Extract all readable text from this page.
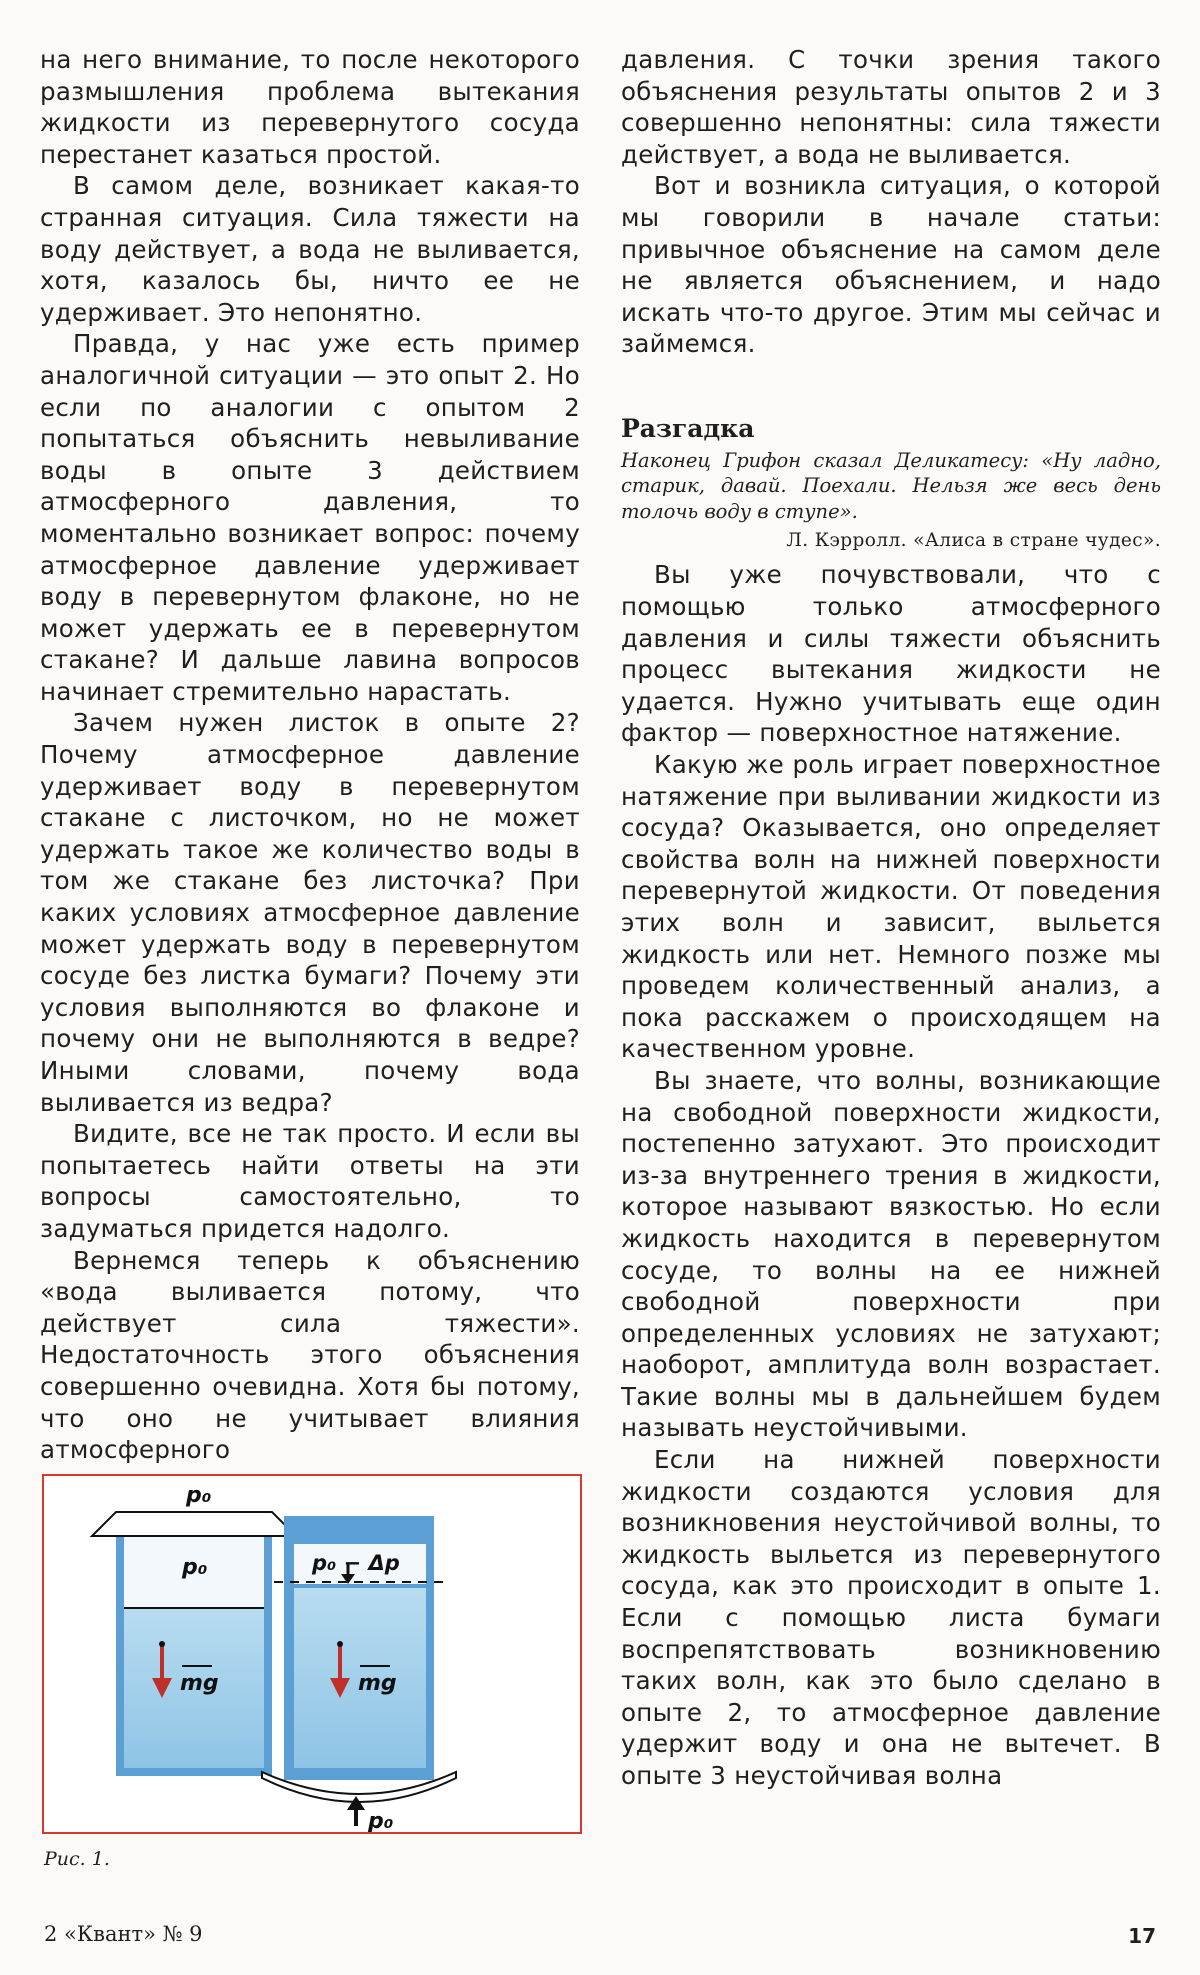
на него внимание, то после некоторого размышления проблема вытекания жидкости из перевернутого сосуда перестанет казаться простой.

В самом деле, возникает какая-то странная ситуация. Сила тяжести на воду действует, а вода не выливается, хотя, казалось бы, ничто ее не удерживает. Это непонятно.

Правда, у нас уже есть пример аналогичной ситуации — это опыт 2. Но если по аналогии с опытом 2 попытаться объяснить невыливание воды в опыте 3 действием атмосферного давления, то моментально возникает вопрос: почему атмосферное давление удерживает воду в перевернутом флаконе, но не может удержать ее в перевернутом стакане? И дальше лавина вопросов начинает стремительно нарастать.

Зачем нужен листок в опыте 2? Почему атмосферное давление удерживает воду в перевернутом стакане с листочком, но не может удержать такое же количество воды в том же стакане без листочка? При каких условиях атмосферное давление может удержать воду в перевернутом сосуде без листка бумаги? Почему эти условия выполняются во флаконе и почему они не выполняются в ведре? Иными словами, почему вода выливается из ведра?

Видите, все не так просто. И если вы попытаетесь найти ответы на эти вопросы самостоятельно, то задуматься придется надолго.

Вернемся теперь к объяснению «вода выливается потому, что действует сила тяжести». Недостаточность этого объяснения совершенно очевидна. Хотя бы потому, что оно не учитывает влияния атмосферного

давления. С точки зрения такого объяснения результаты опытов 2 и 3 совершенно непонятны: сила тяжести действует, а вода не выливается.

Вот и возникла ситуация, о которой мы говорили в начале статьи: привычное объяснение на самом деле не является объяснением, и надо искать что-то другое. Этим мы сейчас и займемся.

Разгадка
Наконец Грифон сказал Деликатесу: «Ну ладно, старик, давай. Поехали. Нельзя же весь день толочь воду в ступе».
Л. Кэрролл. «Алиса в стране чудес».

Вы уже почувствовали, что с помощью только атмосферного давления и силы тяжести объяснить процесс вытекания жидкости не удается. Нужно учитывать еще один фактор — поверхностное натяжение.

Какую же роль играет поверхностное натяжение при выливании жидкости из сосуда? Оказывается, оно определяет свойства волн на нижней поверхности перевернутой жидкости. От поведения этих волн и зависит, выльется жидкость или нет. Немного позже мы проведем количественный анализ, а пока расскажем о происходящем на качественном уровне.

Вы знаете, что волны, возникающие на свободной поверхности жидкости, постепенно затухают. Это происходит из-за внутреннего трения в жидкости, которое называют вязкостью. Но если жидкость находится в перевернутом сосуде, то волны на ее нижней свободной поверхности при определенных условиях не затухают; наоборот, амплитуда волн возрастает. Такие волны мы в дальнейшем будем называть неустойчивыми.

Если на нижней поверхности жидкости создаются условия для возникновения неустойчивой волны, то жидкость выльется из перевернутого сосуда, как это происходит в опыте 1. Если с помощью листа бумаги воспрепятствовать возникновению таких волн, как это было сделано в опыте 2, то атмосферное давление удержит воду и она не вытечет. В опыте 3 неустойчивая волна

p₀
p₀	p₀ − Δp
mg	mg
p₀
Рис. 1.
2 «Квант» № 9	17
